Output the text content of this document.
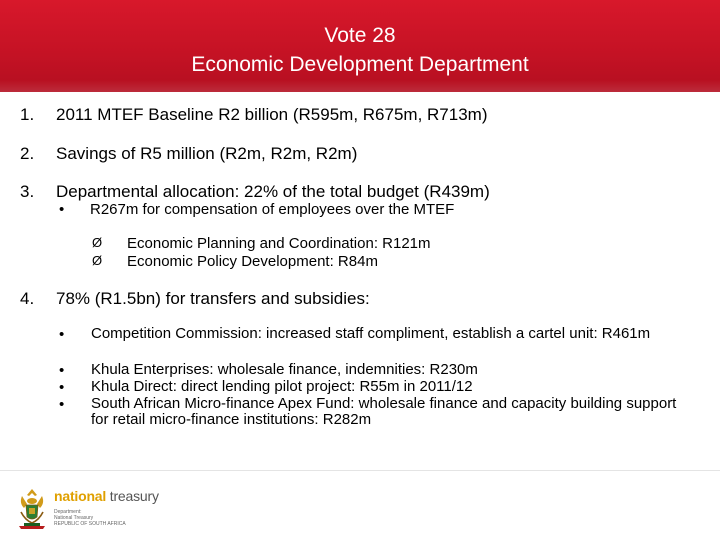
Vote 28
Economic Development Department
1. 2011 MTEF Baseline R2 billion (R595m, R675m, R713m)
2. Savings of R5 million (R2m, R2m, R2m)
3. Departmental allocation: 22% of the total budget (R439m)
• R267m for compensation of employees over the MTEF
Ø Economic Planning and Coordination: R121m
Ø Economic Policy Development: R84m
4. 78% (R1.5bn) for transfers and subsidies:
• Competition Commission: increased staff compliment, establish a cartel unit: R461m
• Khula Enterprises: wholesale finance, indemnities: R230m
• Khula Direct: direct lending pilot project: R55m in 2011/12
• South African Micro-finance Apex Fund: wholesale finance and capacity building support for retail micro-finance institutions: R282m
national treasury
Department:
National Treasury
REPUBLIC OF SOUTH AFRICA
